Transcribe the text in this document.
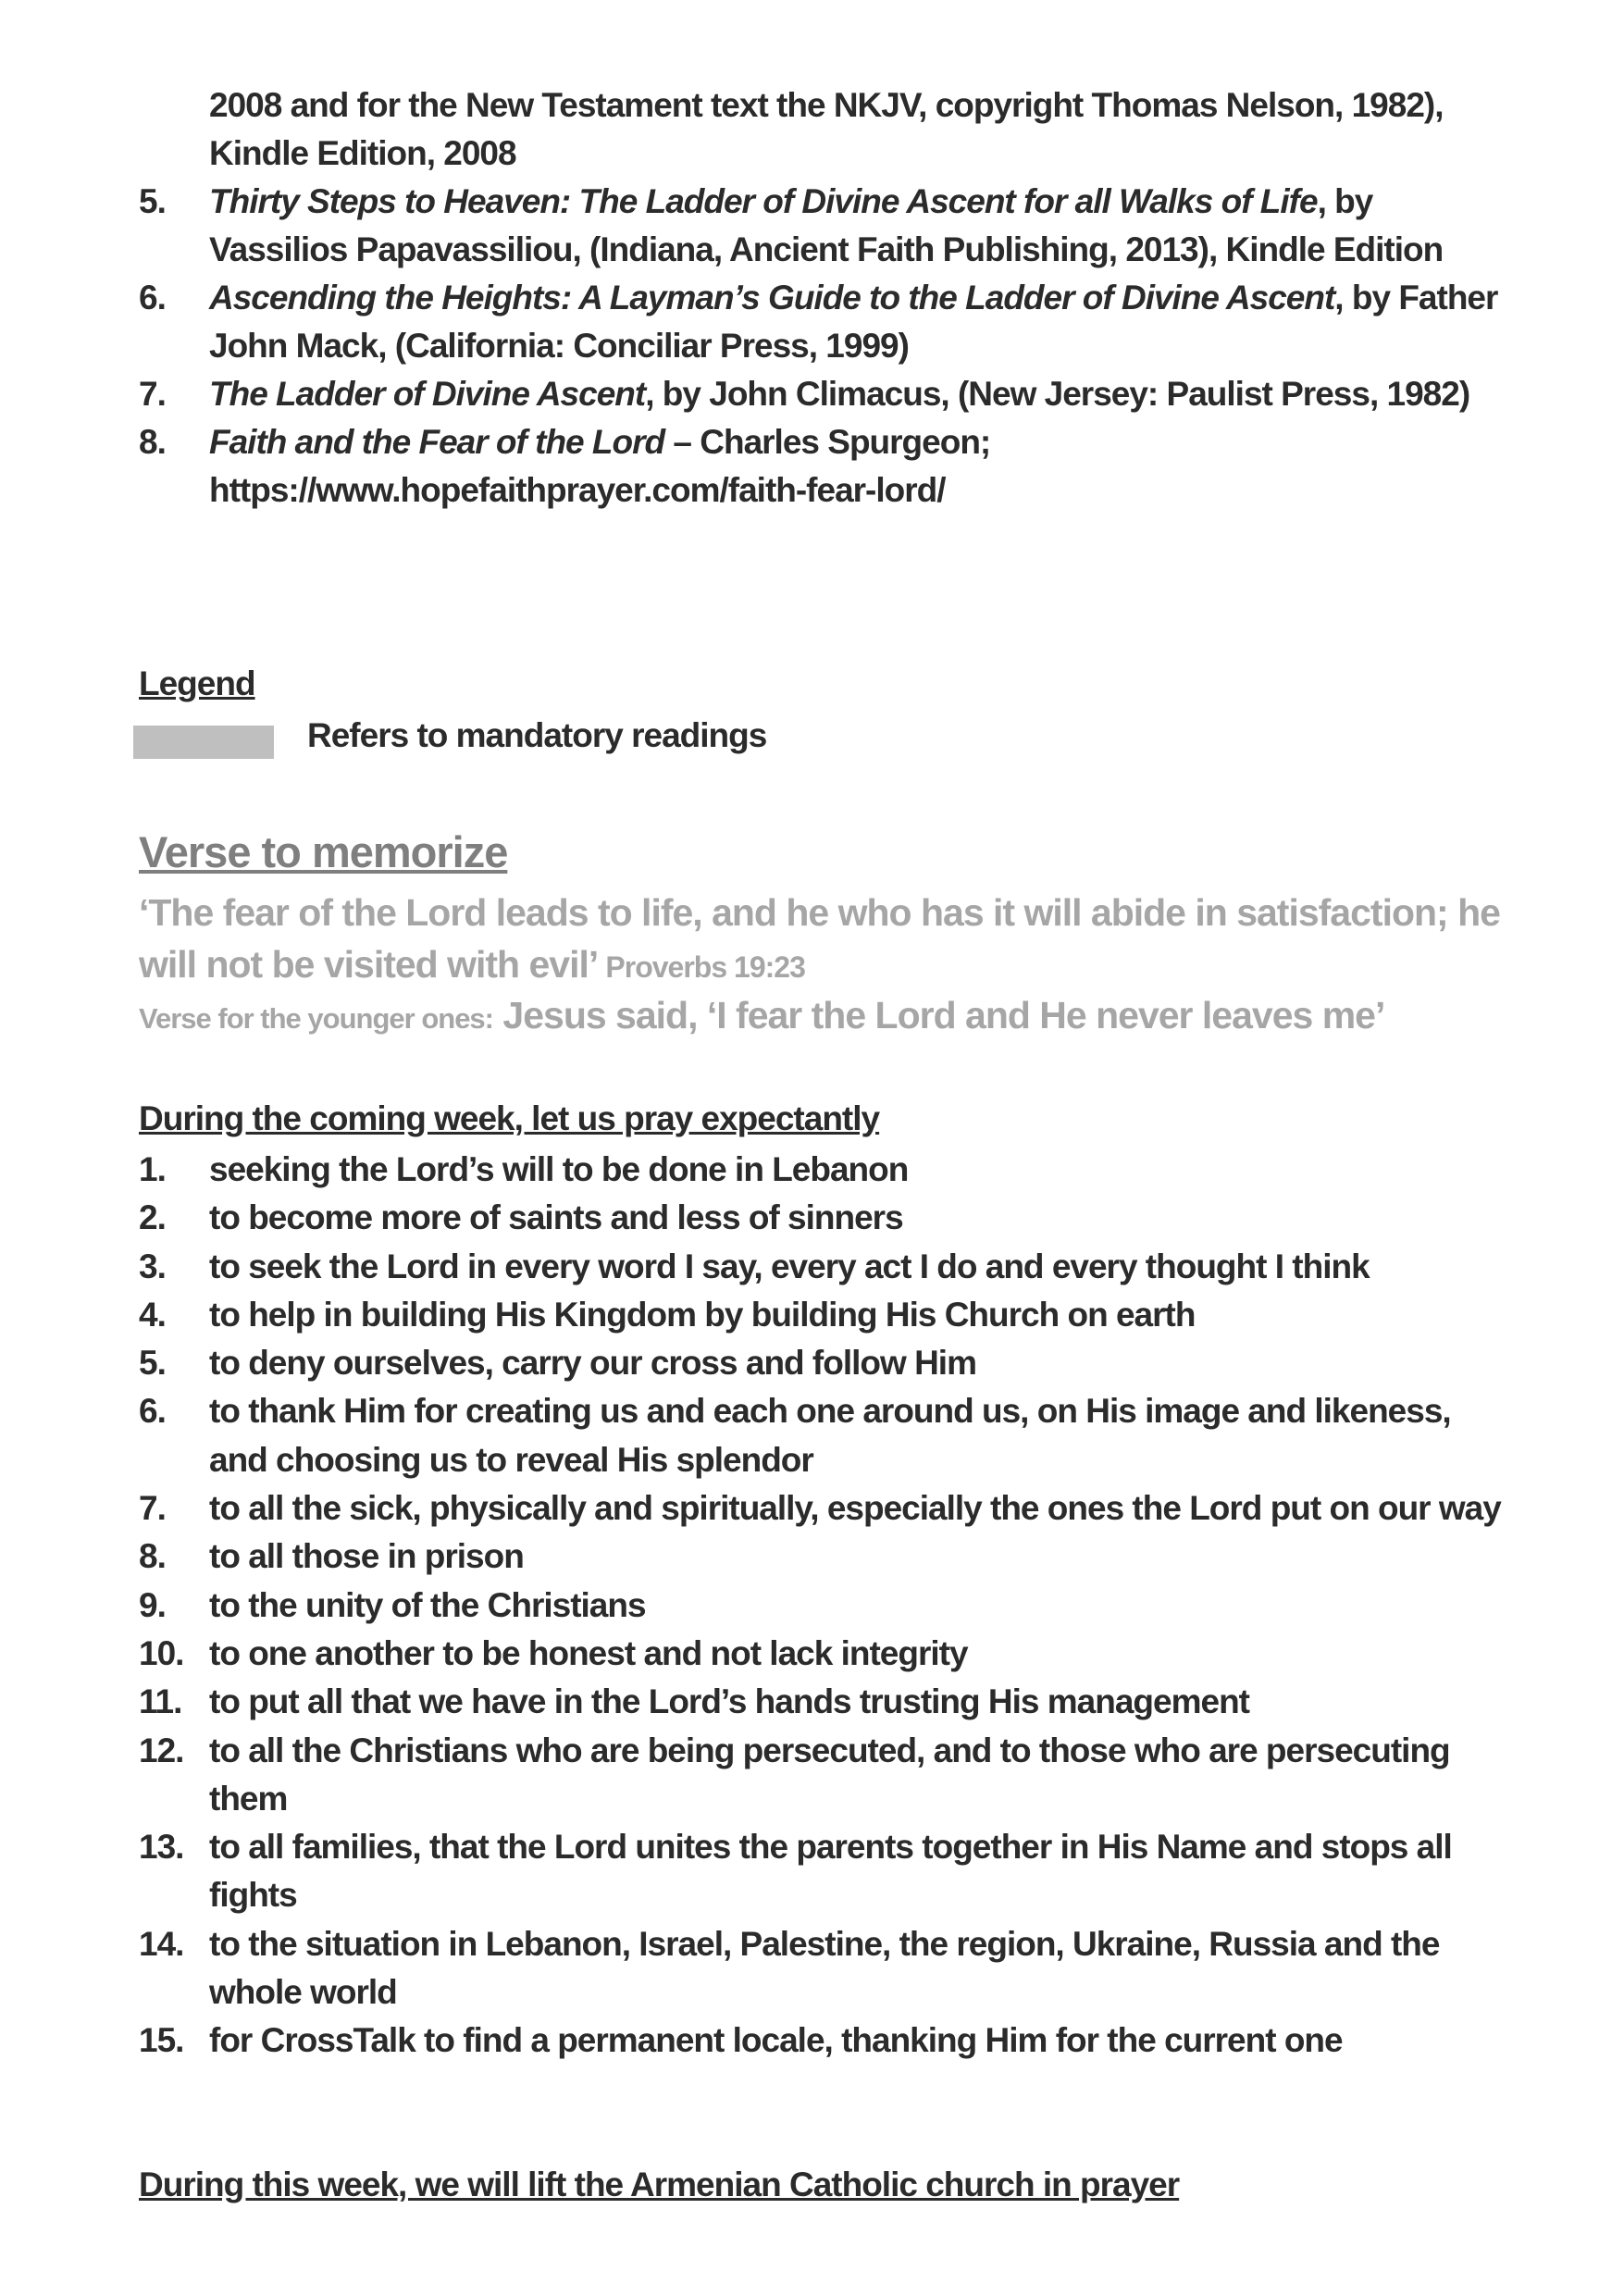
2008 and for the New Testament text the NKJV, copyright Thomas Nelson, 1982), Kindle Edition, 2008
5.	Thirty Steps to Heaven: The Ladder of Divine Ascent for all Walks of Life, by Vassilios Papavassiliou, (Indiana, Ancient Faith Publishing, 2013), Kindle Edition
6.	Ascending the Heights: A Layman’s Guide to the Ladder of Divine Ascent, by Father John Mack, (California: Conciliar Press, 1999)
7.	The Ladder of Divine Ascent, by John Climacus, (New Jersey: Paulist Press, 1982)
8.	Faith and the Fear of the Lord – Charles Spurgeon; https://www.hopefaithprayer.com/faith-fear-lord/
Legend
Refers to mandatory readings
Verse to memorize
‘The fear of the Lord leads to life, and he who has it will abide in satisfaction; he will not be visited with evil’ Proverbs 19:23
Verse for the younger ones: Jesus said, ‘I fear the Lord and He never leaves me’
During the coming week, let us pray expectantly
1.	seeking the Lord’s will to be done in Lebanon
2.	to become more of saints and less of sinners
3.	to seek the Lord in every word I say, every act I do and every thought I think
4.	to help in building His Kingdom by building His Church on earth
5.	to deny ourselves, carry our cross and follow Him
6.	to thank Him for creating us and each one around us, on His image and likeness, and choosing us to reveal His splendor
7.	to all the sick, physically and spiritually, especially the ones the Lord put on our way
8.	to all those in prison
9.	to the unity of the Christians
10. to one another to be honest and not lack integrity
11. to put all that we have in the Lord’s hands trusting His management
12. to all the Christians who are being persecuted, and to those who are persecuting them
13. to all families, that the Lord unites the parents together in His Name and stops all fights
14. to the situation in Lebanon, Israel, Palestine, the region, Ukraine, Russia and the whole world
15. for CrossTalk to find a permanent locale, thanking Him for the current one
During this week, we will lift the Armenian Catholic church in prayer
